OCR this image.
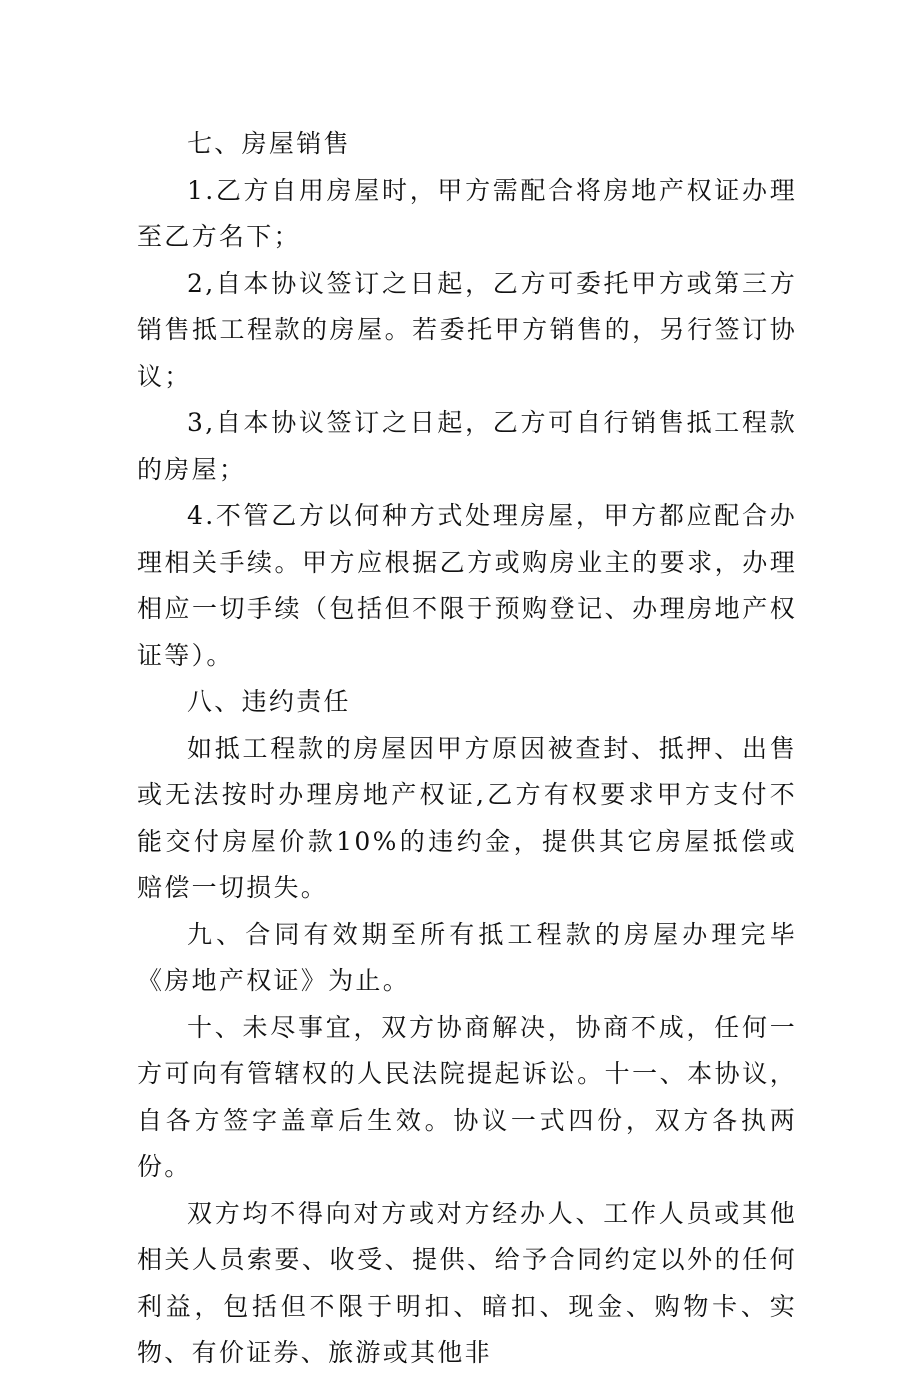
七、房屋销售

1.乙方自用房屋时，甲方需配合将房地产权证办理至乙方名下；

2,自本协议签订之日起，乙方可委托甲方或第三方销售抵工程款的房屋。若委托甲方销售的，另行签订协议；

3,自本协议签订之日起，乙方可自行销售抵工程款的房屋；

4.不管乙方以何种方式处理房屋，甲方都应配合办理相关手续。甲方应根据乙方或购房业主的要求，办理相应一切手续（包括但不限于预购登记、办理房地产权证等）。

八、违约责任

如抵工程款的房屋因甲方原因被查封、抵押、出售或无法按时办理房地产权证,乙方有权要求甲方支付不能交付房屋价款10%的违约金，提供其它房屋抵偿或赔偿一切损失。

九、合同有效期至所有抵工程款的房屋办理完毕《房地产权证》为止。

十、未尽事宜，双方协商解决，协商不成，任何一方可向有管辖权的人民法院提起诉讼。十一、本协议，自各方签字盖章后生效。协议一式四份，双方各执两份。

双方均不得向对方或对方经办人、工作人员或其他相关人员索要、收受、提供、给予合同约定以外的任何利益，包括但不限于明扣、暗扣、现金、购物卡、实物、有价证券、旅游或其他非
